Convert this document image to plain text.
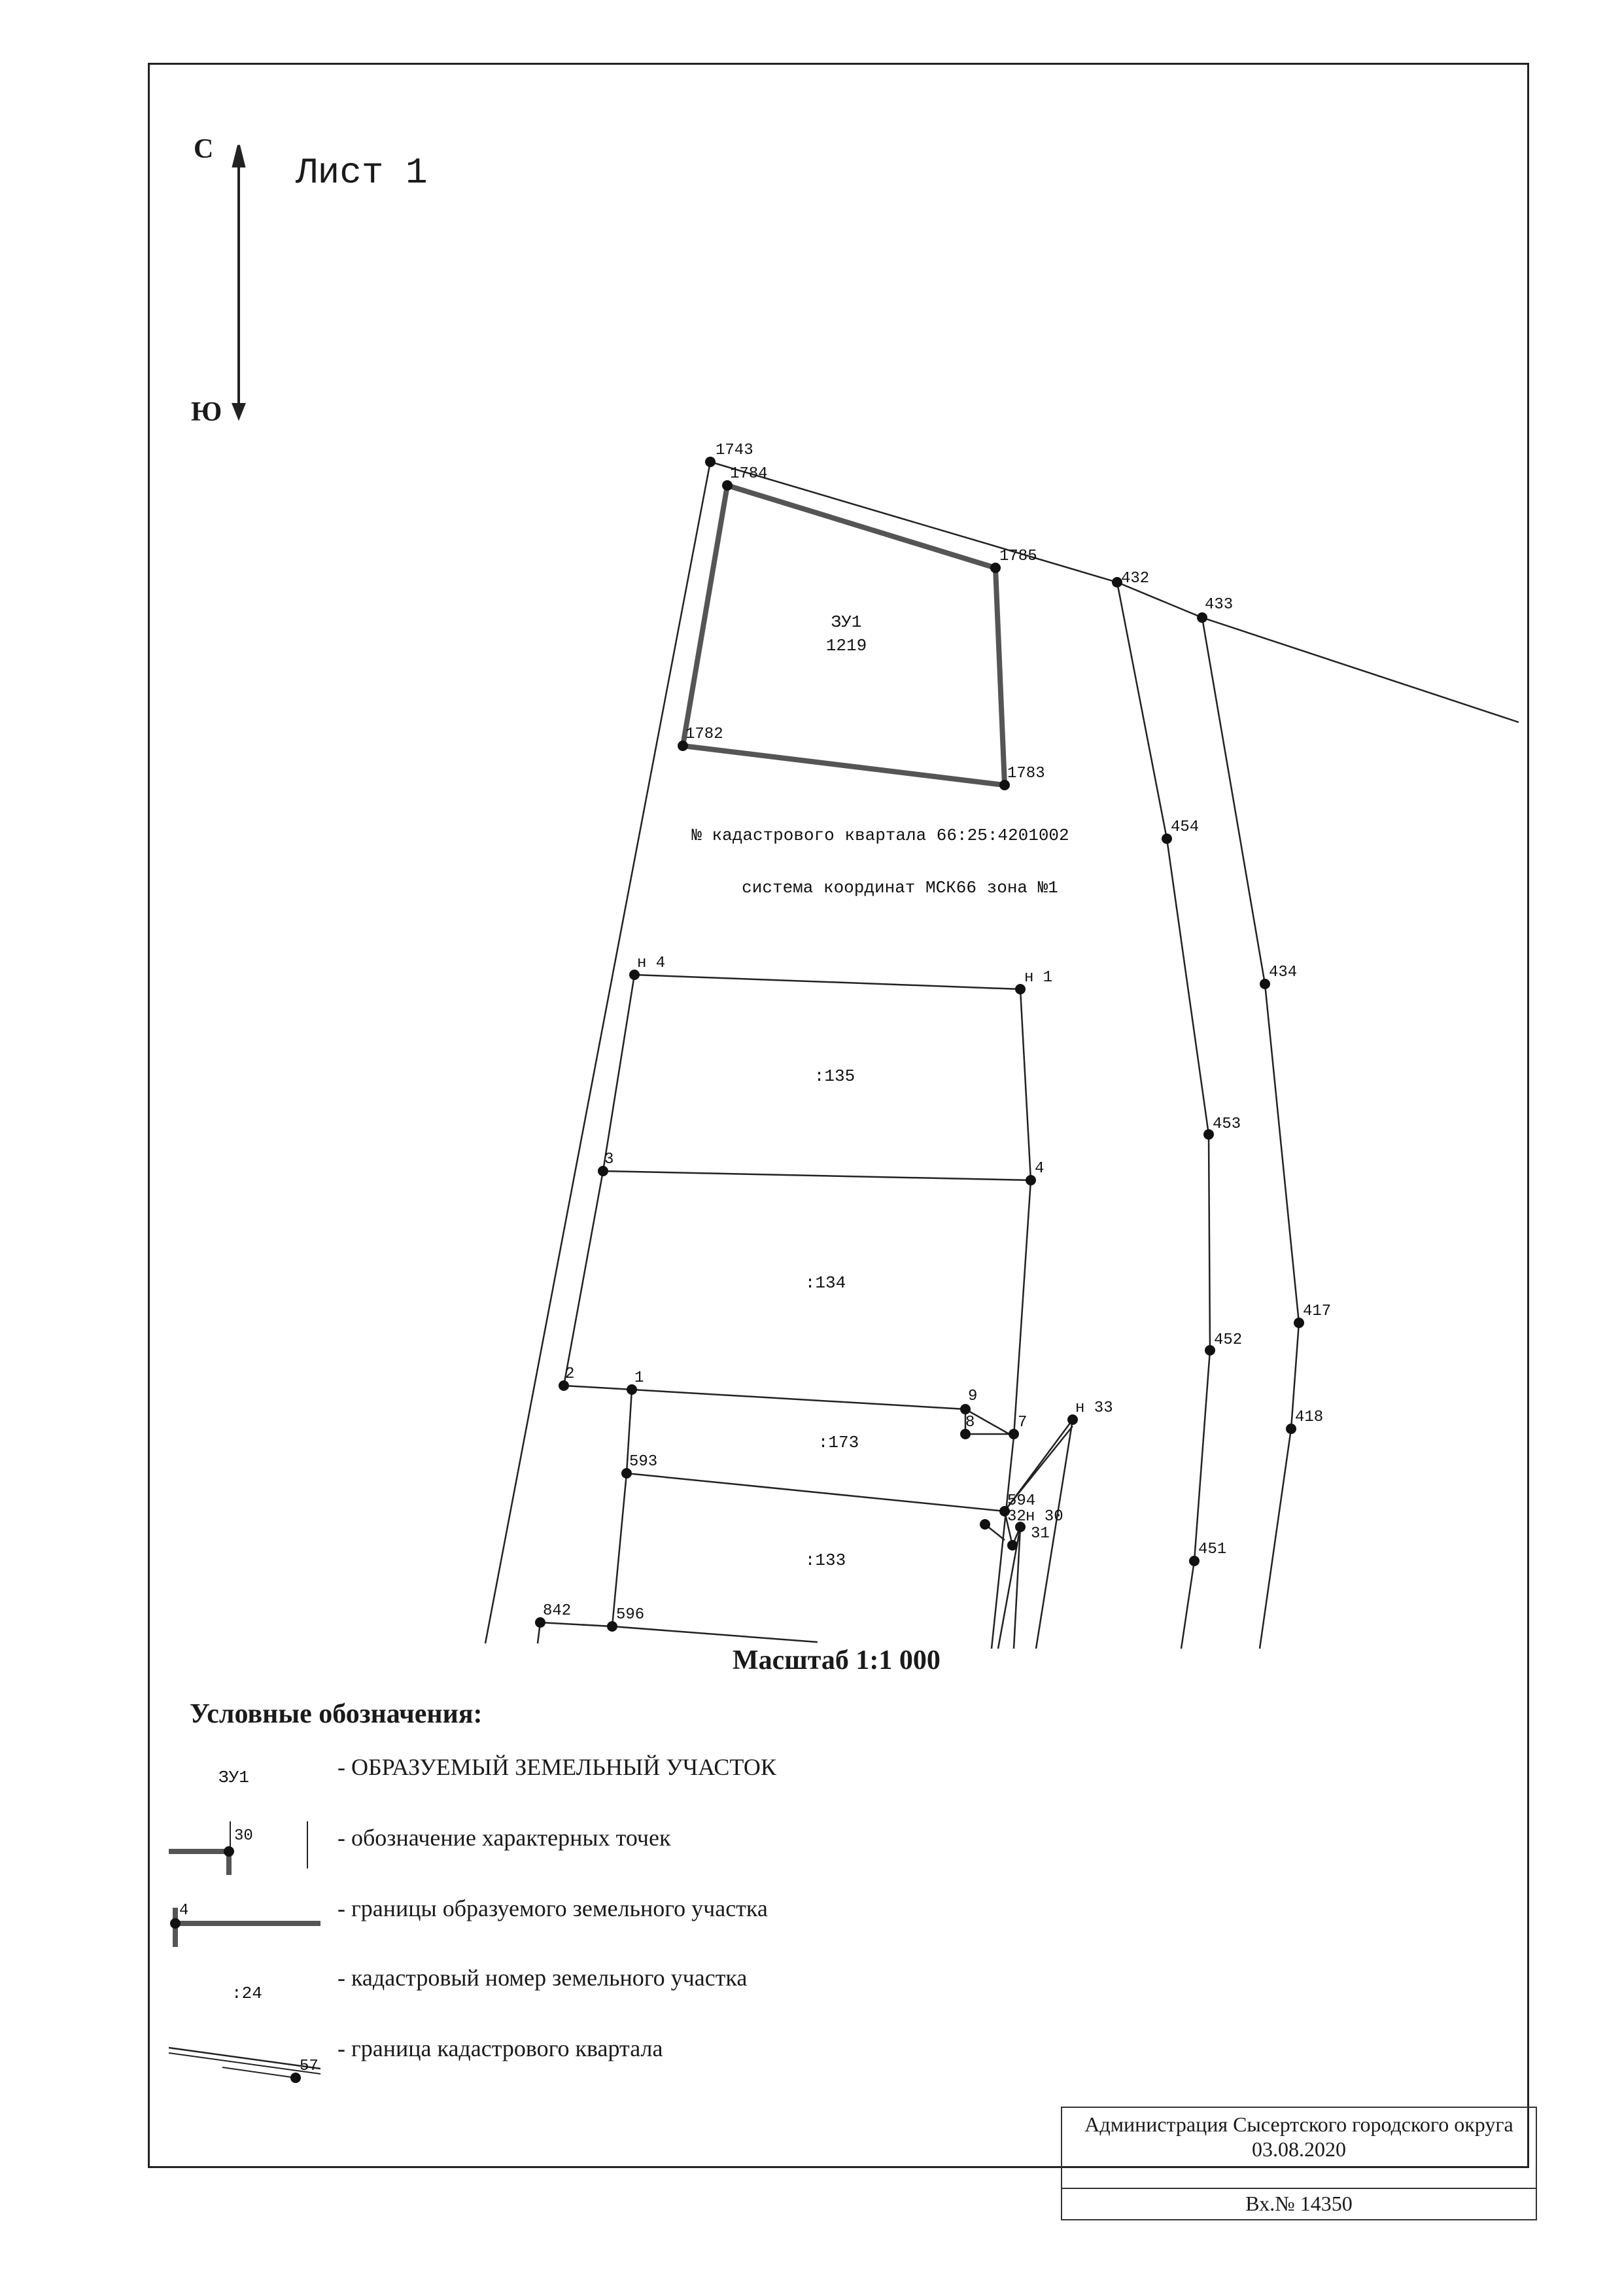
1743
1784
1785
432
433
1782
1783
454
434
н 4
н 1
3
4
453
417
452
2	1
9
8	7
н 33
418
593
594
32 н 30
31
451
842	596
ЗУ1
1219
№ кадастрового квартала 66:25:4201002
система координат МСК66 зона №1
:135
:134
:173
:133
ЗУ1
30
4
:24
57
С
Ю
Лист 1
Масштаб 1:1 000
Условные обозначения:
- ОБРАЗУЕМЫЙ ЗЕМЕЛЬНЫЙ УЧАСТОК
- обозначение характерных точек
- границы образуемого земельного участка
- кадастровый номер земельного участка
- граница кадастрового квартала
Администрация Сысертского городского округа
03.08.2020
Вх.№ 14350
